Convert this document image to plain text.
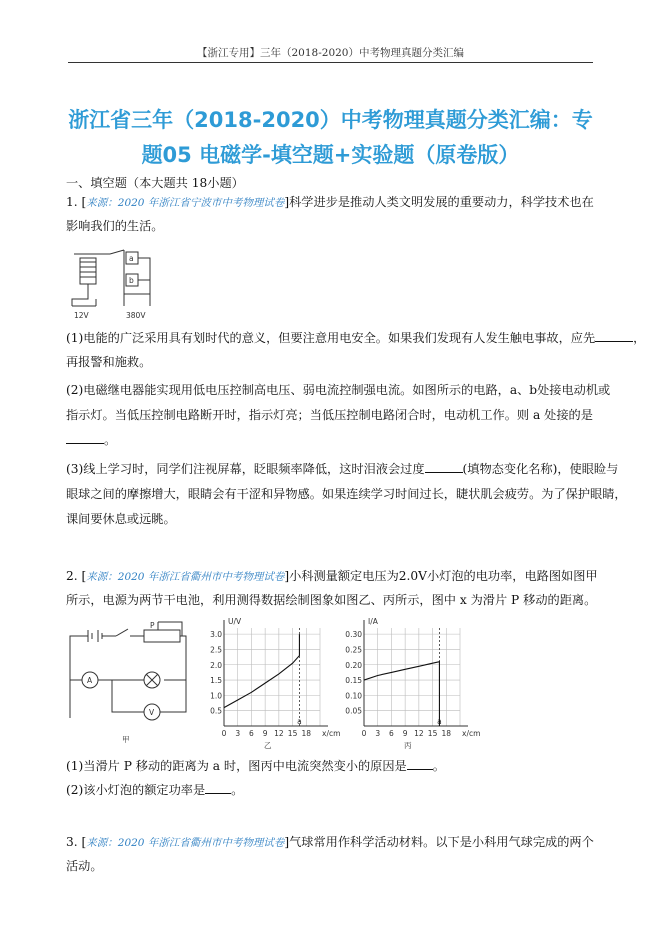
【浙江专用】三年（2018-2020）中考物理真题分类汇编
浙江省三年（2018-2020）中考物理真题分类汇编：专
题05 电磁学-填空题+实验题（原卷版）
一、填空题（本大题共 18小题）
1. [来源：2020 年浙江省宁波市中考物理试卷]科学进步是推动人类文明发展的重要动力，科学技术也在
影响我们的生活。
a
b
12V	380V
(1)电能的广泛采用具有划时代的意义，但要注意用电安全。如果我们发现有人发生触电事故，应先	，
再报警和施救。
(2)电磁继电器能实现用低电压控制高电压、弱电流控制强电流。如图所示的电路，a、b处接电动机或
指示灯。当低压控制电路断开时，指示灯亮；当低压控制电路闭合时，电动机工作。则 a 处接的是
。
(3)线上学习时，同学们注视屏幕，眨眼频率降低，这时泪液会过度	(填物态变化名称)，使眼睑与
眼球之间的摩擦增大，眼睛会有干涩和异物感。如果连续学习时间过长，睫状肌会疲劳。为了保护眼睛，
课间要休息或远眺。
2. [来源：2020 年浙江省衢州市中考物理试卷]小科测量额定电压为2.0V小灯泡的电功率，电路图如图甲
所示，电源为两节干电池，利用测得数据绘制图象如图乙、丙所示，图中 x 为滑片 P 移动的距离。
A
V
P
甲
0 3 6 9 12 15 18
0.5
1.0
1.5
2.0
2.5
3.0
U/V
x/cm
a
乙
0 3 6 9 12 15 18
0.05
0.10
0.15
0.20
0.25
0.30
I/A
x/cm
a
丙
(1)当滑片 P 移动的距离为 a 时，图丙中电流突然变小的原因是 。
(2)该小灯泡的额定功率是 。
3. [来源：2020 年浙江省衢州市中考物理试卷]气球常用作科学活动材料。以下是小科用气球完成的两个
活动。
